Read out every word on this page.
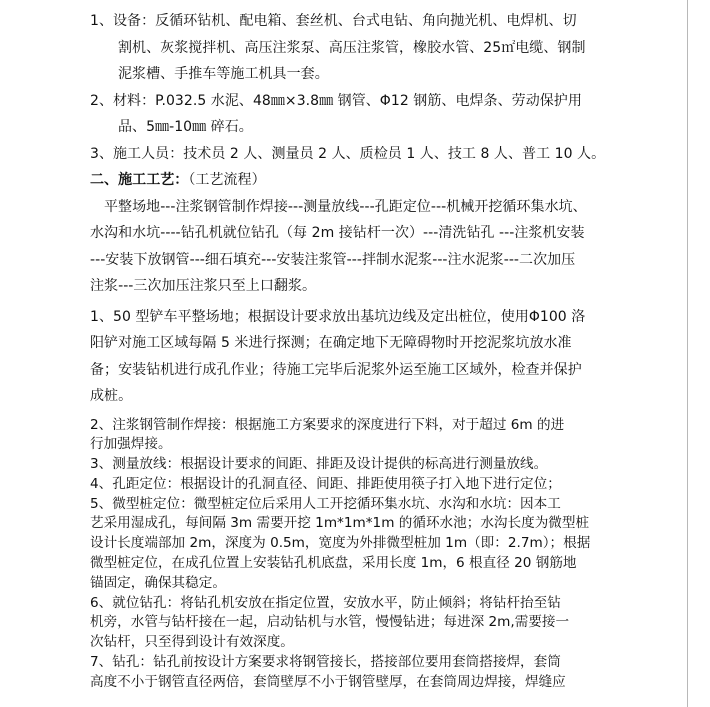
1、设备：反循环钻机、配电箱、套丝机、台式电钻、角向抛光机、电焊机、切

割机、灰浆搅拌机、高压注浆泵、高压注浆管，橡胶水管、25㎡电缆、钢制

泥浆槽、手推车等施工机具一套。

2、材料：P.032.5 水泥、48㎜×3.8㎜ 钢管、Φ12 钢筋、电焊条、劳动保护用

品、5㎜-10㎜ 碎石。

3、施工人员：技术员 2 人、测量员 2 人、质检员 1 人、技工 8 人、普工 10 人。

二、施工工艺：（工艺流程）

平整场地---注浆钢管制作焊接---测量放线---孔距定位---机械开挖循环集水坑、

水沟和水坑----钻孔机就位钻孔（每 2m 接钻杆一次）---清洗钻孔 ---注浆机安装

---安装下放钢管---细石填充---安装注浆管---拌制水泥浆---注水泥浆---二次加压

注浆---三次加压注浆只至上口翻浆。

1、50 型铲车平整场地；根据设计要求放出基坑边线及定出桩位，使用Φ100 洛

阳铲对施工区域每隔 5 米进行探测；在确定地下无障碍物时开挖泥浆坑放水准

备；安装钻机进行成孔作业；待施工完毕后泥浆外运至施工区域外，检查并保护

成桩。

2、注浆钢管制作焊接：根据施工方案要求的深度进行下料，对于超过 6m 的进

行加强焊接。

3、测量放线：根据设计要求的间距、排距及设计提供的标高进行测量放线。

4、孔距定位：根据设计的孔洞直径、间距、排距使用筷子打入地下进行定位；

5、微型桩定位：微型桩定位后采用人工开挖循环集水坑、水沟和水坑：因本工

艺采用湿成孔，每间隔 3m 需要开挖 1m*1m*1m 的循环水池；水沟长度为微型桩

设计长度端部加 2m，深度为 0.5m，宽度为外排微型桩加 1m（即：2.7m）；根据

微型桩定位，在成孔位置上安装钻孔机底盘，采用长度 1m，6 根直径 20 钢筋地

锚固定，确保其稳定。

6、就位钻孔：将钻孔机安放在指定位置，安放水平，防止倾斜；将钻杆抬至钻

机旁，水管与钻杆接在一起，启动钻机与水管，慢慢钻进；每进深 2m,需要接一

次钻杆，只至得到设计有效深度。

7、钻孔：钻孔前按设计方案要求将钢管接长，搭接部位要用套筒搭接焊，套筒

高度不小于钢管直径两倍，套筒壁厚不小于钢管壁厚，在套筒周边焊接，焊缝应
